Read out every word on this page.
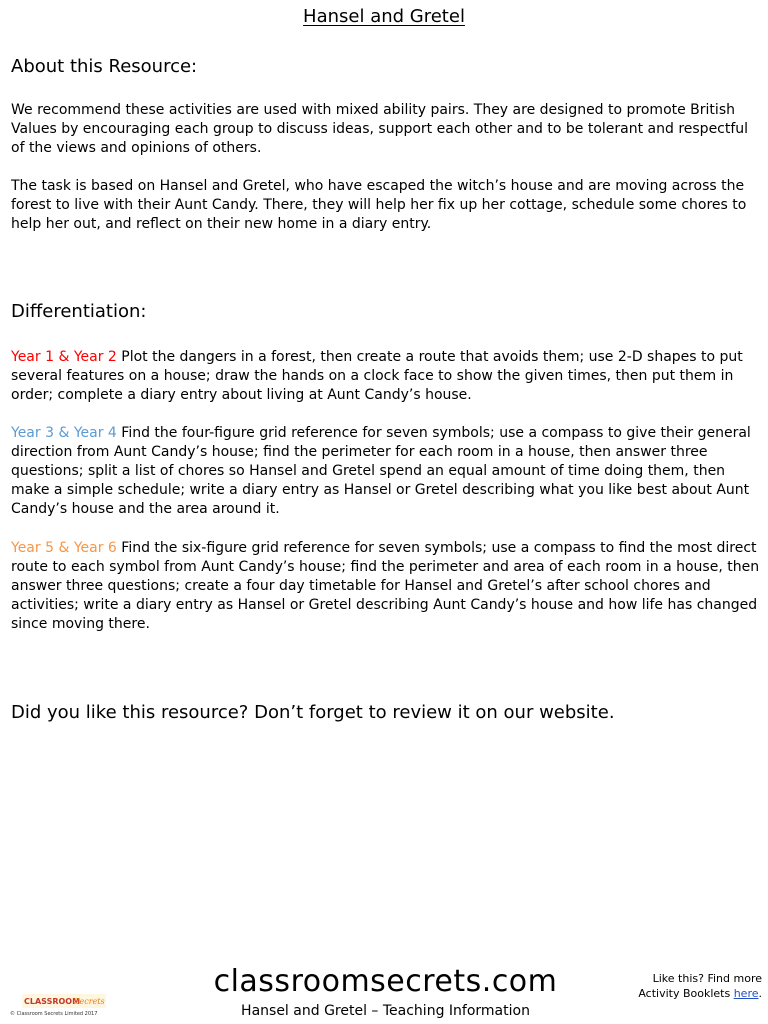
Hansel and Gretel
About this Resource:
We recommend these activities are used with mixed ability pairs. They are designed to promote British Values by encouraging each group to discuss ideas, support each other and to be tolerant and respectful of the views and opinions of others.
The task is based on Hansel and Gretel, who have escaped the witch’s house and are moving across the forest to live with their Aunt Candy. There, they will help her fix up her cottage, schedule some chores to help her out, and reflect on their new home in a diary entry.
Differentiation:
Year 1 & Year 2 Plot the dangers in a forest, then create a route that avoids them; use 2-D shapes to put several features on a house; draw the hands on a clock face to show the given times, then put them in order; complete a diary entry about living at Aunt Candy’s house.
Year 3 & Year 4 Find the four-figure grid reference for seven symbols; use a compass to give their general direction from Aunt Candy’s house; find the perimeter for each room in a house, then answer three questions; split a list of chores so Hansel and Gretel spend an equal amount of time doing them, then make a simple schedule; write a diary entry as Hansel or Gretel describing what you like best about Aunt Candy’s house and the area around it.
Year 5 & Year 6 Find the six-figure grid reference for seven symbols; use a compass to find the most direct route to each symbol from Aunt Candy’s house; find the perimeter and area of each room in a house, then answer three questions; create a four day timetable for Hansel and Gretel’s after school chores and activities; write a diary entry as Hansel or Gretel describing Aunt Candy’s house and how life has changed since moving there.
Did you like this resource? Don’t forget to review it on our website.
CLASSROOM
Secrets
© Classroom Secrets Limited 2017
classroomsecrets.com
Hansel and Gretel – Teaching Information
Like this? Find more
Activity Booklets here.
